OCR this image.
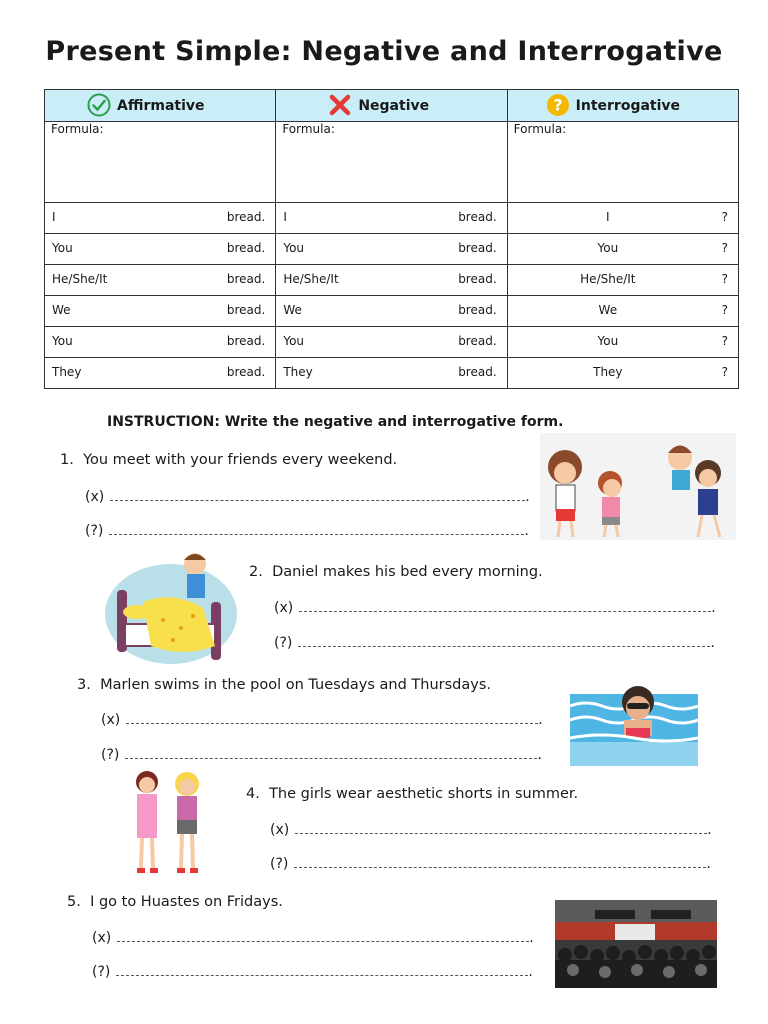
Present Simple: Negative and Interrogative
Affirmative	Negative	? Interrogative
Formula:	Formula:	Formula:

I bread.	I bread.	I ?

You bread.	You bread.	You ?

He/She/It bread.	He/She/It bread.	He/She/It ?

We bread.	We bread.	We ?

You bread.	You bread.	You ?

They bread.	They bread.	They ?
INSTRUCTION: Write the negative and interrogative form.
1. You meet with your friends every weekend.
(x)	.
(?)	.
2. Daniel makes his bed every morning.
(x)	.
(?)	.
3. Marlen swims in the pool on Tuesdays and Thursdays.
(x)	.
(?)	.
4. The girls wear aesthetic shorts in summer.
(x)	.
(?)	.
5. I go to Huastes on Fridays.
(x)	.
(?)	.
